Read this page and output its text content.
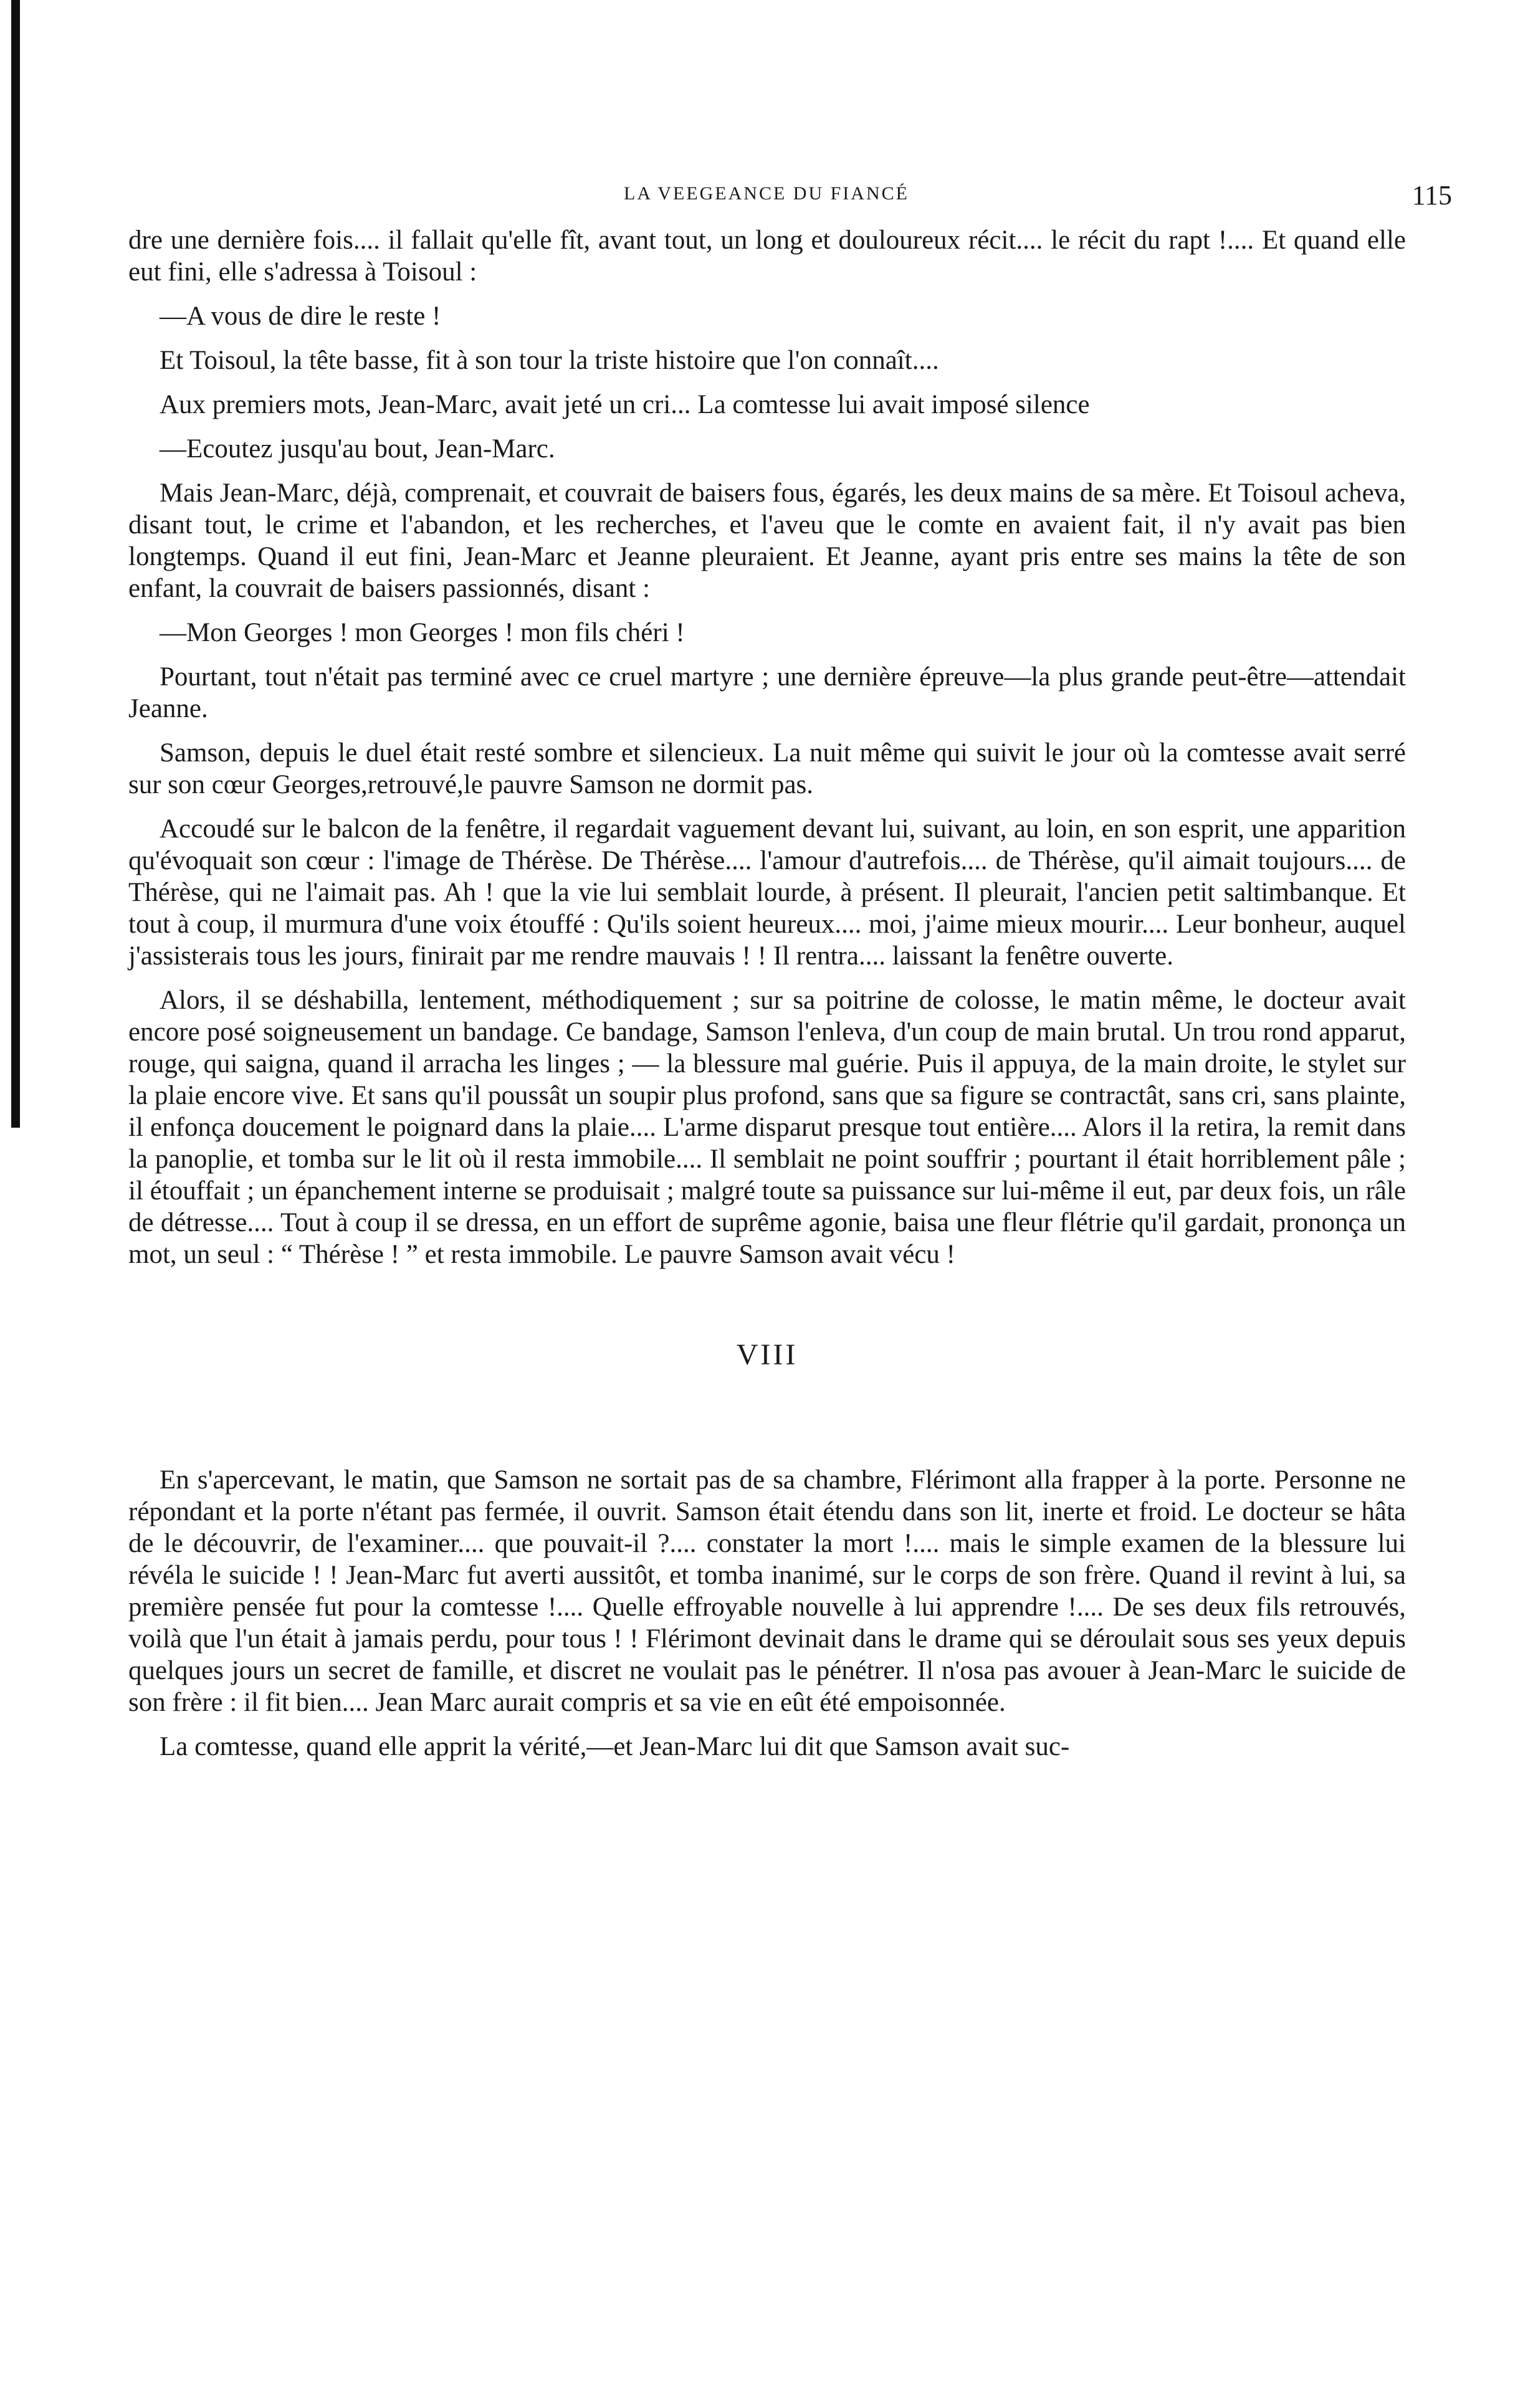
LA VEEGEANCE DU FIANCÉ	115

dre une dernière fois.... il fallait qu'elle fît, avant tout, un long et douloureux récit.... le récit du rapt !.... Et quand elle eut fini, elle s'adressa à Toisoul :

—A vous de dire le reste !

Et Toisoul, la tête basse, fit à son tour la triste histoire que l'on connaît....

Aux premiers mots, Jean-Marc, avait jeté un cri... La comtesse lui avait imposé silence

—Ecoutez jusqu'au bout, Jean-Marc.

Mais Jean-Marc, déjà, comprenait, et couvrait de baisers fous, égarés, les deux mains de sa mère. Et Toisoul acheva, disant tout, le crime et l'abandon, et les recherches, et l'aveu que le comte en avaient fait, il n'y avait pas bien longtemps. Quand il eut fini, Jean-Marc et Jeanne pleuraient. Et Jeanne, ayant pris entre ses mains la tête de son enfant, la couvrait de baisers passionnés, disant :

—Mon Georges ! mon Georges ! mon fils chéri !

Pourtant, tout n'était pas terminé avec ce cruel martyre ; une dernière épreuve—la plus grande peut-être—attendait Jeanne.

Samson, depuis le duel était resté sombre et silencieux. La nuit même qui suivit le jour où la comtesse avait serré sur son cœur Georges,retrouvé,le pauvre Samson ne dormit pas.

Accoudé sur le balcon de la fenêtre, il regardait vaguement devant lui, suivant, au loin, en son esprit, une apparition qu'évoquait son cœur : l'image de Thérèse. De Thérèse.... l'amour d'autrefois.... de Thérèse, qu'il aimait toujours.... de Thérèse, qui ne l'aimait pas. Ah ! que la vie lui semblait lourde, à présent. Il pleurait, l'ancien petit saltimbanque. Et tout à coup, il murmura d'une voix étouffé : Qu'ils soient heureux.... moi, j'aime mieux mourir.... Leur bonheur, auquel j'assisterais tous les jours, finirait par me rendre mauvais ! ! Il rentra.... laissant la fenêtre ouverte.

Alors, il se déshabilla, lentement, méthodiquement ; sur sa poitrine de colosse, le matin même, le docteur avait encore posé soigneusement un bandage. Ce bandage, Samson l'enleva, d'un coup de main brutal. Un trou rond apparut, rouge, qui saigna, quand il arracha les linges ; — la blessure mal guérie. Puis il appuya, de la main droite, le stylet sur la plaie encore vive. Et sans qu'il poussât un soupir plus profond, sans que sa figure se contractât, sans cri, sans plainte, il enfonça doucement le poignard dans la plaie.... L'arme disparut presque tout entière.... Alors il la retira, la remit dans la panoplie, et tomba sur le lit où il resta immobile.... Il semblait ne point souffrir ; pourtant il était horriblement pâle ; il étouffait ; un épanchement interne se produisait ; malgré toute sa puissance sur lui-même il eut, par deux fois, un râle de détresse.... Tout à coup il se dressa, en un effort de suprême agonie, baisa une fleur flétrie qu'il gardait, prononça un mot, un seul : “ Thérèse ! ” et resta immobile. Le pauvre Samson avait vécu !

VIII

En s'apercevant, le matin, que Samson ne sortait pas de sa chambre, Flérimont alla frapper à la porte. Personne ne répondant et la porte n'étant pas fermée, il ouvrit. Samson était étendu dans son lit, inerte et froid. Le docteur se hâta de le découvrir, de l'examiner.... que pouvait-il ?.... constater la mort !.... mais le simple examen de la blessure lui révéla le suicide ! ! Jean-Marc fut averti aussitôt, et tomba inanimé, sur le corps de son frère. Quand il revint à lui, sa première pensée fut pour la comtesse !.... Quelle effroyable nouvelle à lui apprendre !.... De ses deux fils retrouvés, voilà que l'un était à jamais perdu, pour tous ! ! Flérimont devinait dans le drame qui se déroulait sous ses yeux depuis quelques jours un secret de famille, et discret ne voulait pas le pénétrer. Il n'osa pas avouer à Jean-Marc le suicide de son frère : il fit bien.... Jean Marc aurait compris et sa vie en eût été empoisonnée.

La comtesse, quand elle apprit la vérité,—et Jean-Marc lui dit que Samson avait suc-
